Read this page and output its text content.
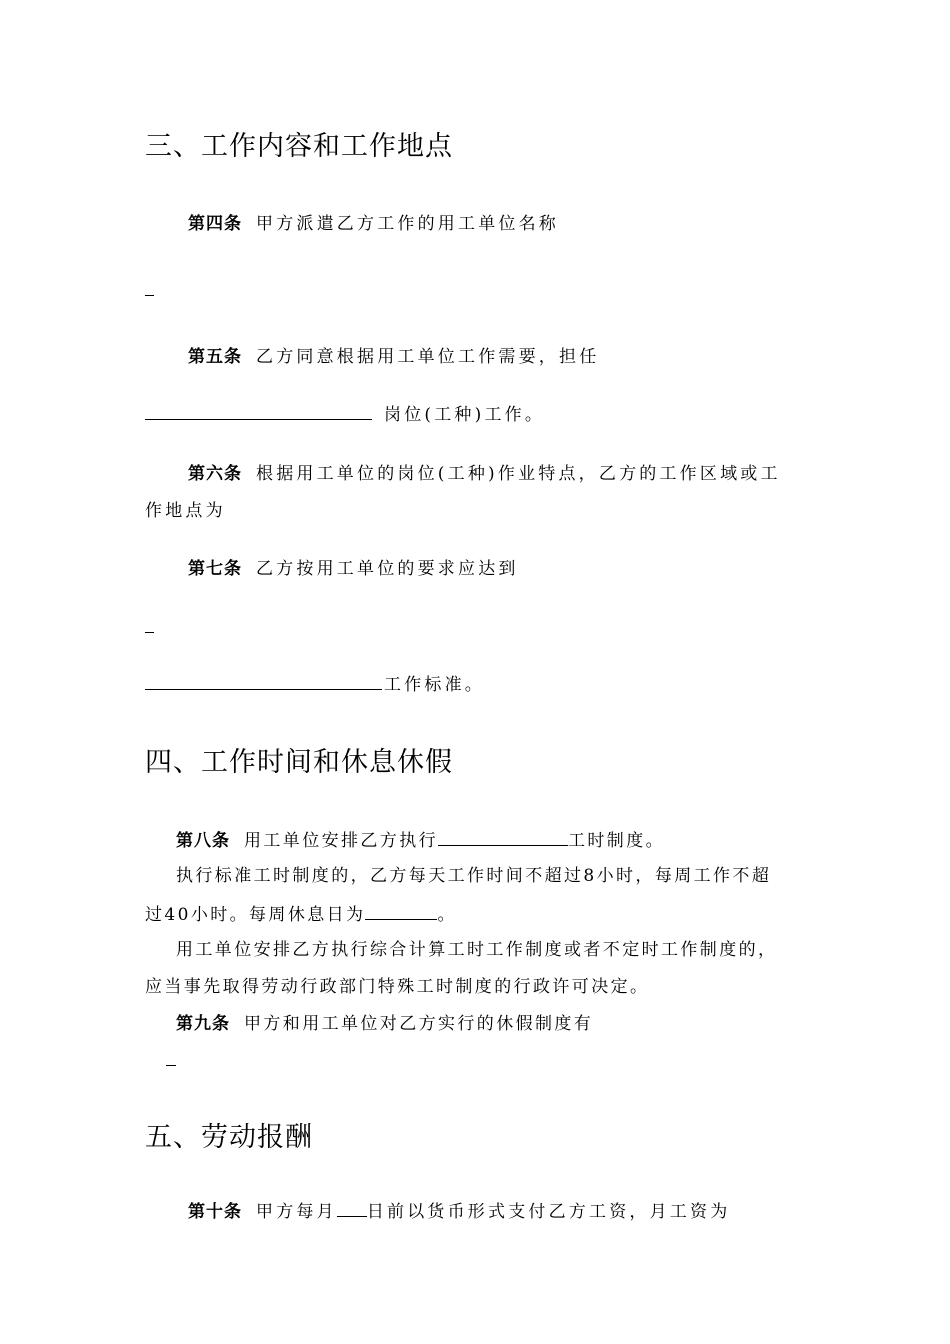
三、工作内容和工作地点
第四条 甲方派遣乙方工作的用工单位名称
第五条 乙方同意根据用工单位工作需要，担任
岗位(工种)工作。
第六条 根据用工单位的岗位(工种)作业特点，乙方的工作区域或工
作地点为
第七条 乙方按用工单位的要求应达到
工作标准。
四、工作时间和休息休假
第八条 用工单位安排乙方执行	工时制度。
执行标准工时制度的，乙方每天工作时间不超过8小时，每周工作不超
过40小时。每周休息日为	。
用工单位安排乙方执行综合计算工时工作制度或者不定时工作制度的，
应当事先取得劳动行政部门特殊工时制度的行政许可决定。
第九条 甲方和用工单位对乙方实行的休假制度有
五、劳动报酬
第十条 甲方每月 日前以货币形式支付乙方工资，月工资为
